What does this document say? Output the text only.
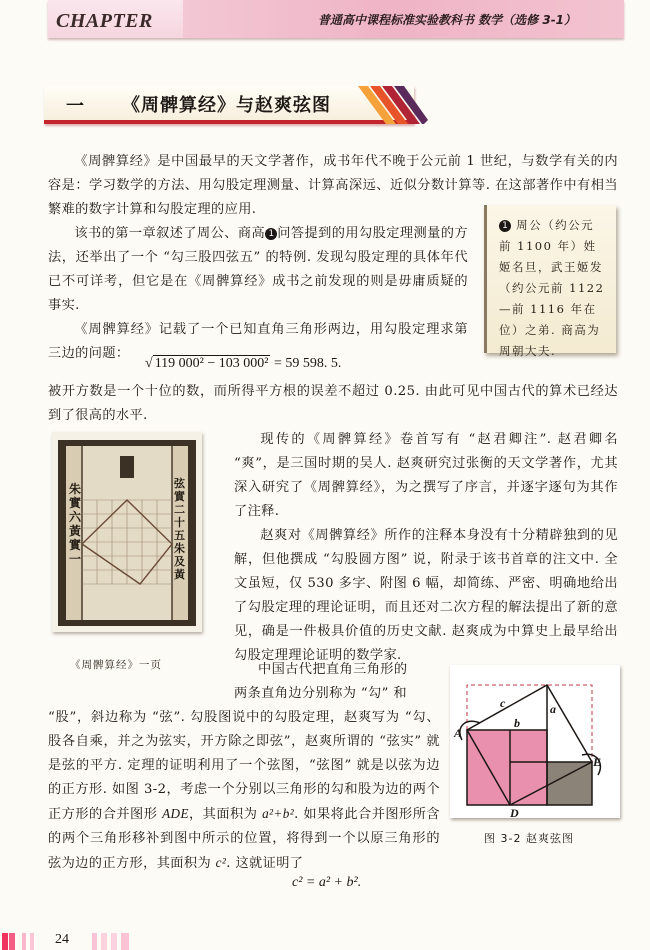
CHAPTER	普通高中课程标准实验教科书 数学（选修 3-1）
一 《周髀算经》与赵爽弦图
《周髀算经》是中国最早的天文学著作，成书年代不晚于公元前 1 世纪，与数学有关的内容是：学习数学的方法、用勾股定理测量、计算高深远、近似分数计算等. 在这部著作中有相当繁难的数字计算和勾股定理的应用.
该书的第一章叙述了周公、商高 1 问答提到的用勾股定理测量的方法，还举出了一个 “勾三股四弦五” 的特例. 发现勾股定理的具体年代已不可详考，但它是在《周髀算经》成书之前发现的则是毋庸质疑的事实.
《周髀算经》记载了一个已知直角三角形两边，用勾股定理求第三边的问题：
1 周公（约公元前 1100 年）姓姬名旦，武王姬发（约公元前 1122—前 1116 年在位）之弟. 商高为周朝大夫.
√ 119 000² − 103 000² = 59 598. 5.
被开方数是一个十位的数，而所得平方根的误差不超过 0.25. 由此可见中国古代的算术已经达到了很高的水平.
朱實六黃實一
弦實二十五朱及黃
《周髀算经》一页
现传的《周髀算经》卷首写有 “赵君卿注”. 赵君卿名 “爽”，是三国时期的吴人. 赵爽研究过张衡的天文学著作，尤其深入研究了《周髀算经》，为之撰写了序言，并逐字逐句为其作了注释.
赵爽对《周髀算经》所作的注释本身没有十分精辟独到的见解，但他撰成 “勾股圆方图” 说，附录于该书首章的注文中. 全文虽短，仅 530 多字、附图 6 幅，却简练、严密、明确地给出了勾股定理的理论证明，而且还对二次方程的解法提出了新的意见，确是一件极具价值的历史文献. 赵爽成为中算史上最早给出勾股定理理论证明的数学家.
中国古代把直角三角形的
两条直角边分别称为 “勾” 和
“股”，斜边称为 “弦”. 勾股图说中的勾股定理，赵爽写为 “勾、股各自乘，并之为弦实，开方除之即弦”，赵爽所谓的 “弦实” 就是弦的平方. 定理的证明利用了一个弦图，“弦图” 就是以弦为边的正方形. 如图 3-2，考虑一个分别以三角形的勾和股为边的两个正方形的合并图形 ADE，其面积为 a²+b². 如果将此合并图形所含的两个三角形移补到图中所示的位置，将得到一个以原三角形的弦为边的正方形，其面积为 c². 这就证明了
A
D
E
a
b
c
图 3-2 赵爽弦图
c² = a² + b².
24
